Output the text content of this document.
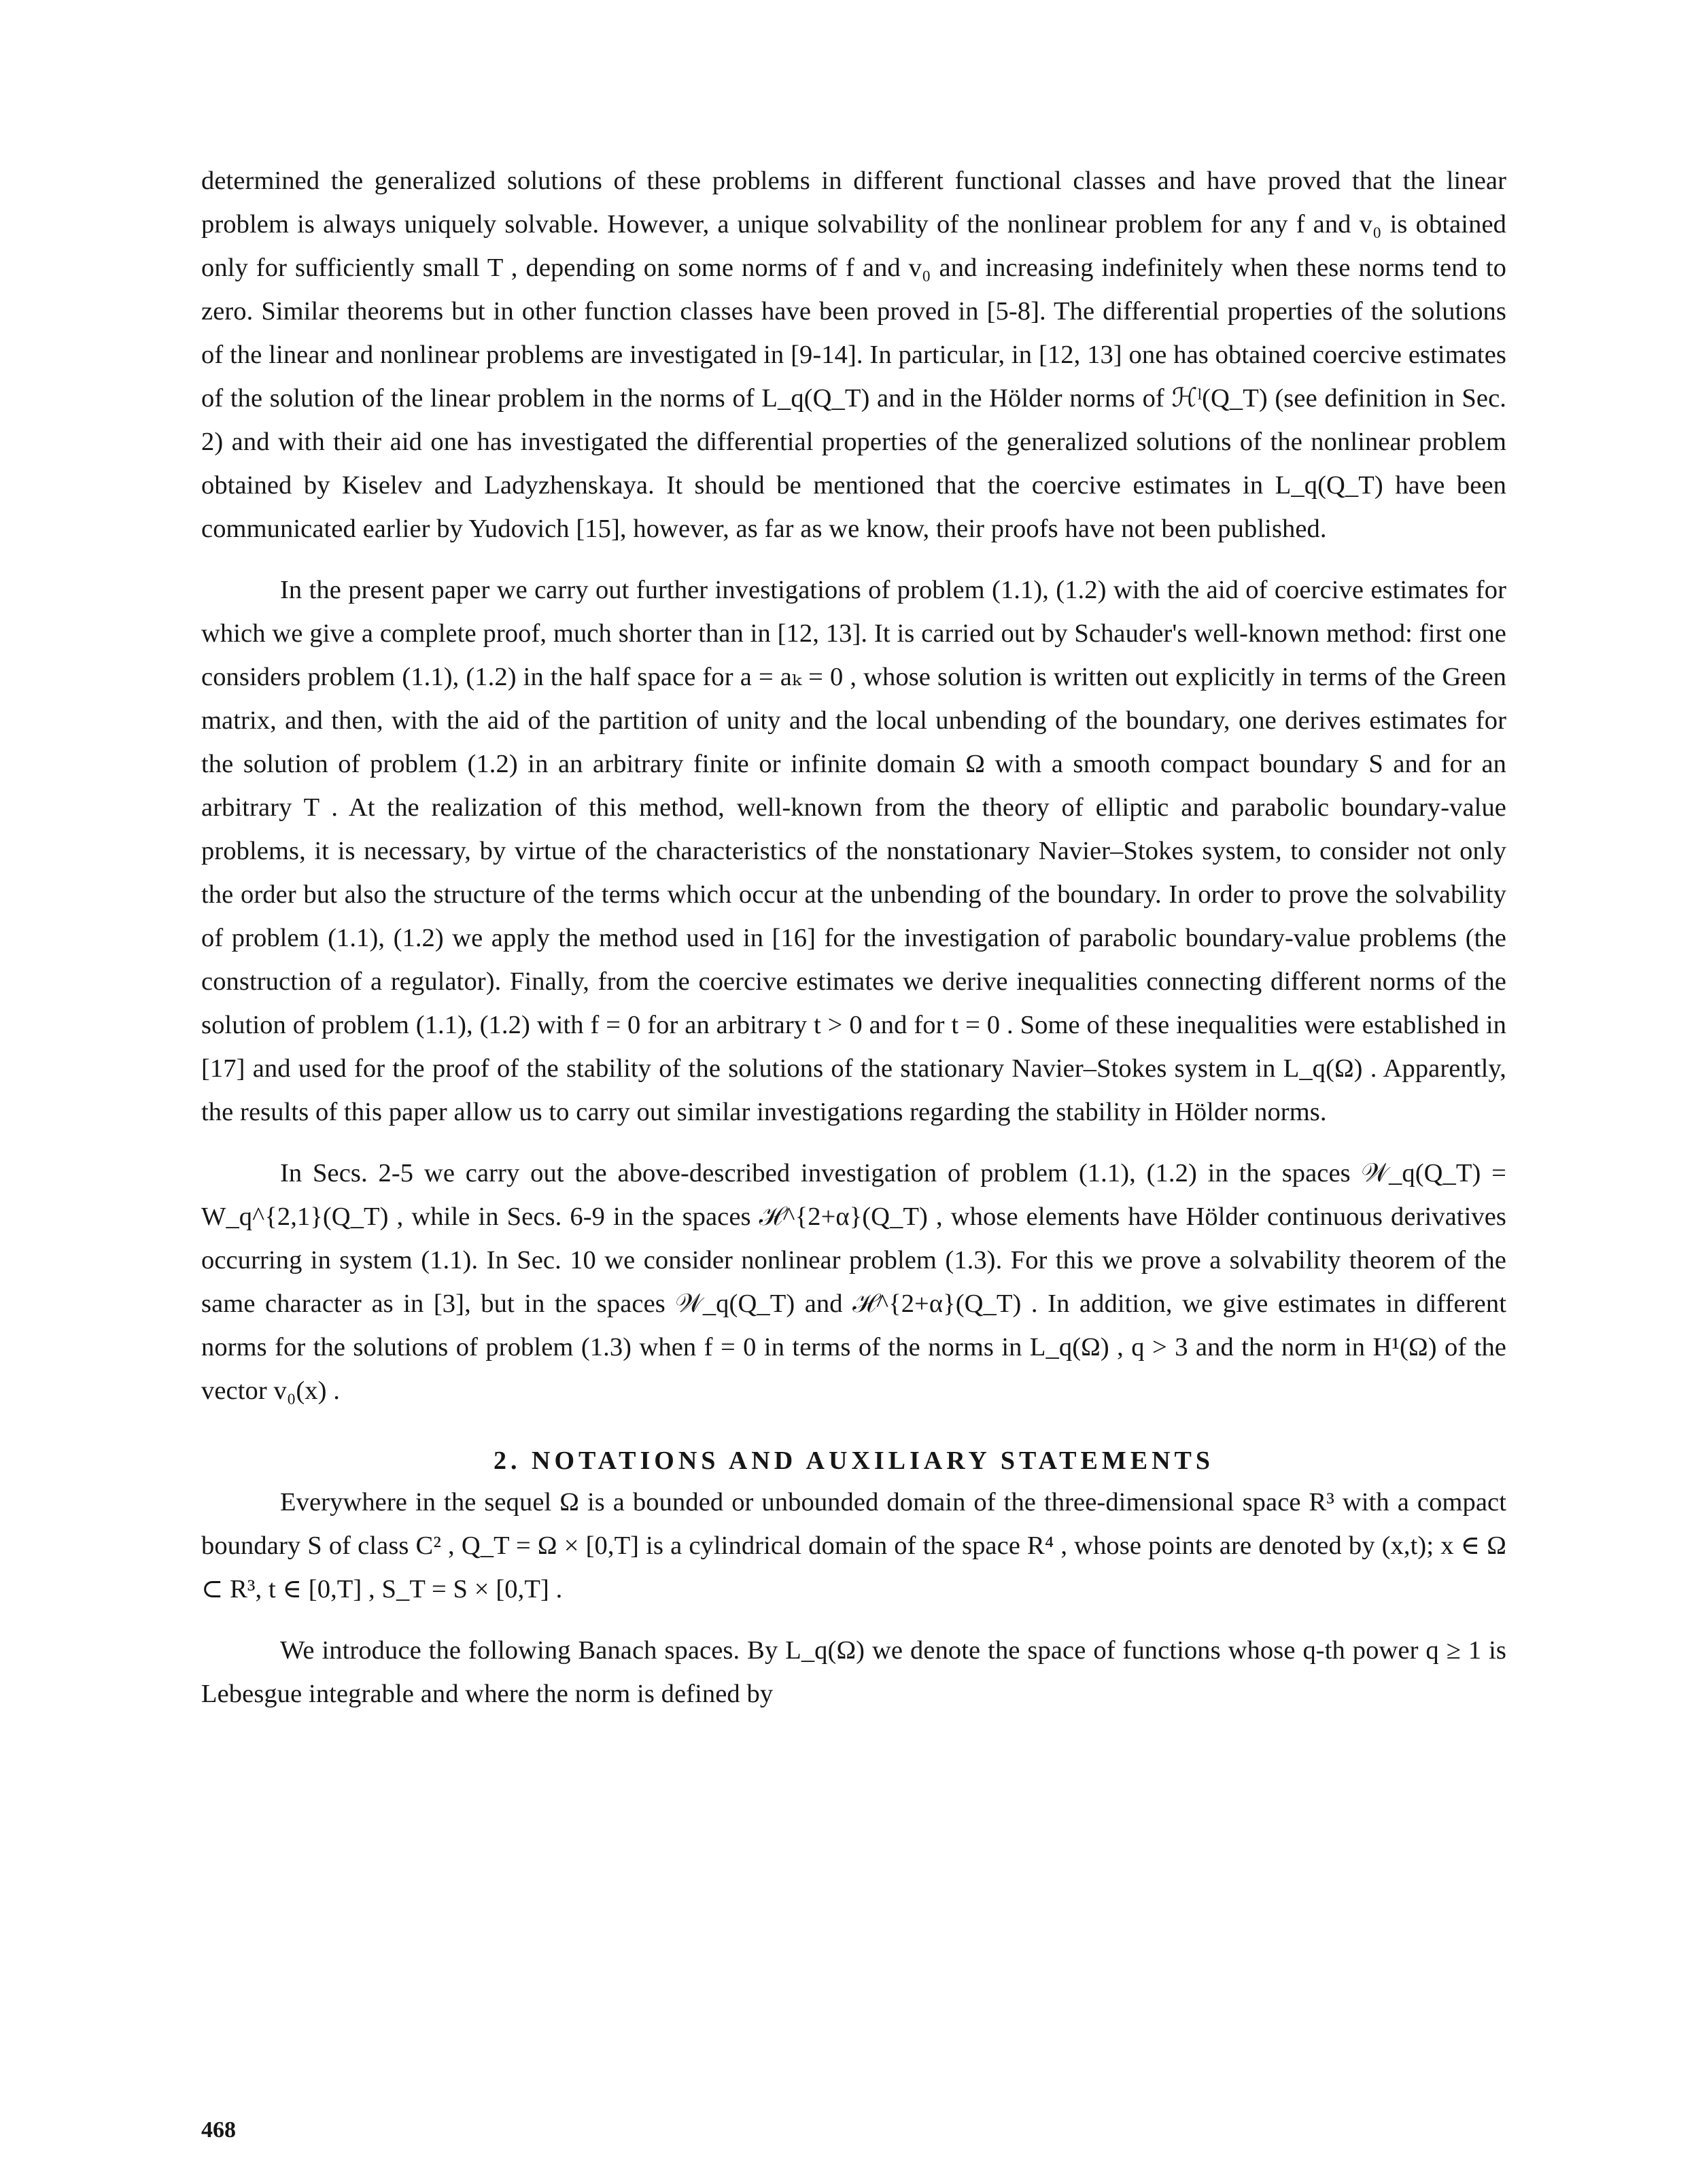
determined the generalized solutions of these problems in different functional classes and have proved that the linear problem is always uniquely solvable. However, a unique solvability of the nonlinear problem for any f and v₀ is obtained only for sufficiently small T , depending on some norms of f and v₀ and increasing indefinitely when these norms tend to zero. Similar theorems but in other function classes have been proved in [5-8]. The differential properties of the solutions of the linear and nonlinear problems are investigated in [9-14]. In particular, in [12, 13] one has obtained coercive estimates of the solution of the linear problem in the norms of L_q(Q_T) and in the Hölder norms of ℋˡ(Q_T) (see definition in Sec. 2) and with their aid one has investigated the differential properties of the generalized solutions of the nonlinear problem obtained by Kiselev and Ladyzhenskaya. It should be mentioned that the coercive estimates in L_q(Q_T) have been communicated earlier by Yudovich [15], however, as far as we know, their proofs have not been published.

In the present paper we carry out further investigations of problem (1.1), (1.2) with the aid of coercive estimates for which we give a complete proof, much shorter than in [12, 13]. It is carried out by Schauder's well-known method: first one considers problem (1.1), (1.2) in the half space for a = aₖ = 0 , whose solution is written out explicitly in terms of the Green matrix, and then, with the aid of the partition of unity and the local unbending of the boundary, one derives estimates for the solution of problem (1.2) in an arbitrary finite or infinite domain Ω with a smooth compact boundary S and for an arbitrary T . At the realization of this method, well-known from the theory of elliptic and parabolic boundary-value problems, it is necessary, by virtue of the characteristics of the nonstationary Navier–Stokes system, to consider not only the order but also the structure of the terms which occur at the unbending of the boundary. In order to prove the solvability of problem (1.1), (1.2) we apply the method used in [16] for the investigation of parabolic boundary-value problems (the construction of a regulator). Finally, from the coercive estimates we derive inequalities connecting different norms of the solution of problem (1.1), (1.2) with f = 0 for an arbitrary t > 0 and for t = 0 . Some of these inequalities were established in [17] and used for the proof of the stability of the solutions of the stationary Navier–Stokes system in L_q(Ω) . Apparently, the results of this paper allow us to carry out similar investigations regarding the stability in Hölder norms.

In Secs. 2-5 we carry out the above-described investigation of problem (1.1), (1.2) in the spaces 𝒲_q(Q_T) = W_q^{2,1}(Q_T) , while in Secs. 6-9 in the spaces ℋ^{2+α}(Q_T) , whose elements have Hölder continuous derivatives occurring in system (1.1). In Sec. 10 we consider nonlinear problem (1.3). For this we prove a solvability theorem of the same character as in [3], but in the spaces 𝒲_q(Q_T) and ℋ^{2+α}(Q_T) . In addition, we give estimates in different norms for the solutions of problem (1.3) when f = 0 in terms of the norms in L_q(Ω) , q > 3 and the norm in H¹(Ω) of the vector v₀(x) .

2. NOTATIONS AND AUXILIARY STATEMENTS

Everywhere in the sequel Ω is a bounded or unbounded domain of the three-dimensional space R³ with a compact boundary S of class C² , Q_T = Ω × [0,T] is a cylindrical domain of the space R⁴ , whose points are denoted by (x,t); x ∈ Ω ⊂ R³, t ∈ [0,T] , S_T = S × [0,T] .

We introduce the following Banach spaces. By L_q(Ω) we denote the space of functions whose q-th power q ≥ 1 is Lebesgue integrable and where the norm is defined by

468
